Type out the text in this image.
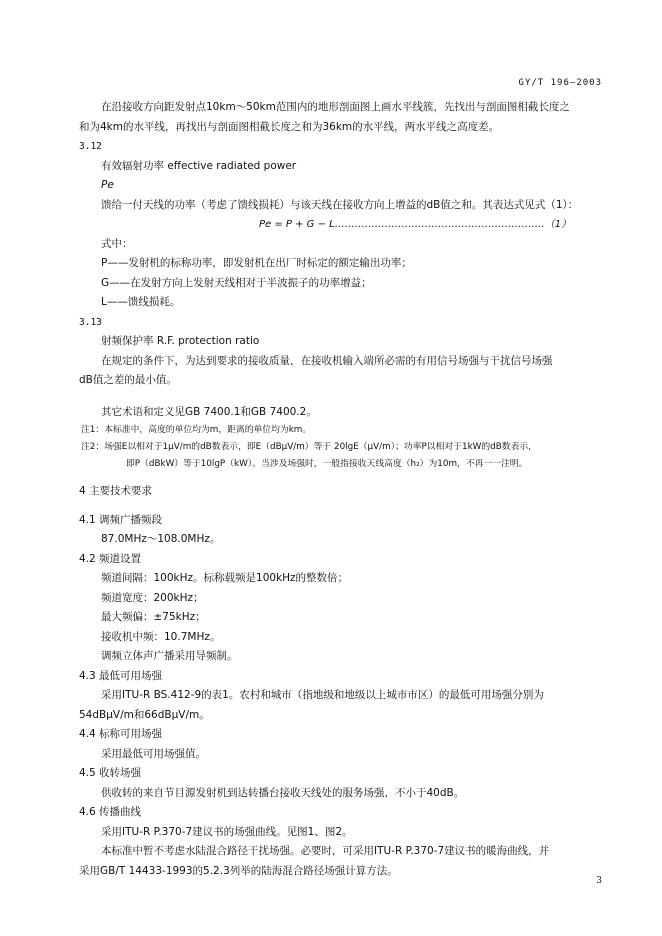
GY/T 196—2003
在沿接收方向距发射点10km～50km范围内的地形剖面图上画水平线簇，先找出与剖面图相截长度之
和为4km的水平线，再找出与剖面图相截长度之和为36km的水平线，两水平线之高度差。
3.12
有效辐射功率 effective radiated power
Pe
馈给一付天线的功率（考虑了馈线损耗）与该天线在接收方向上增益的dB值之和。其表达式见式（1）：
Pe = P + G − L………………………………………………………（1）
式中：
P——发射机的标称功率，即发射机在出厂时标定的额定输出功率；
G——在发射方向上发射天线相对于半波振子的功率增益；
L——馈线损耗。
3.13
射频保护率 R.F. protection ratio
在规定的条件下，为达到要求的接收质量，在接收机输入端所必需的有用信号场强与干扰信号场强
dB值之差的最小值。
其它术语和定义见GB 7400.1和GB 7400.2。
注1：本标准中，高度的单位均为m，距离的单位均为km。
注2：场强E以相对于1μV/m的dB数表示，即E（dBμV/m）等于 20lgE（μV/m）；功率P以相对于1kW的dB数表示，
即P（dBkW）等于10lgP（kW）。当涉及场强时，一般指接收天线高度（h₂）为10m，不再一一注明。
4 主要技术要求
4.1 调频广播频段
87.0MHz～108.0MHz。
4.2 频道设置
频道间隔：100kHz。标称载频是100kHz的整数倍；
频道宽度：200kHz；
最大频偏：±75kHz；
接收机中频：10.7MHz。
调频立体声广播采用导频制。
4.3 最低可用场强
采用ITU-R BS.412-9的表1。农村和城市（指地级和地级以上城市市区）的最低可用场强分别为
54dBμV/m和66dBμV/m。
4.4 标称可用场强
采用最低可用场强值。
4.5 收转场强
供收转的来自节目源发射机到达转播台接收天线处的服务场强，不小于40dB。
4.6 传播曲线
采用ITU-R P.370-7建议书的场强曲线。见图1、图2。
本标准中暂不考虑水陆混合路径干扰场强。必要时，可采用ITU-R P.370-7建议书的暖海曲线，并
采用GB/T 14433-1993的5.2.3列举的陆海混合路径场强计算方法。
3
